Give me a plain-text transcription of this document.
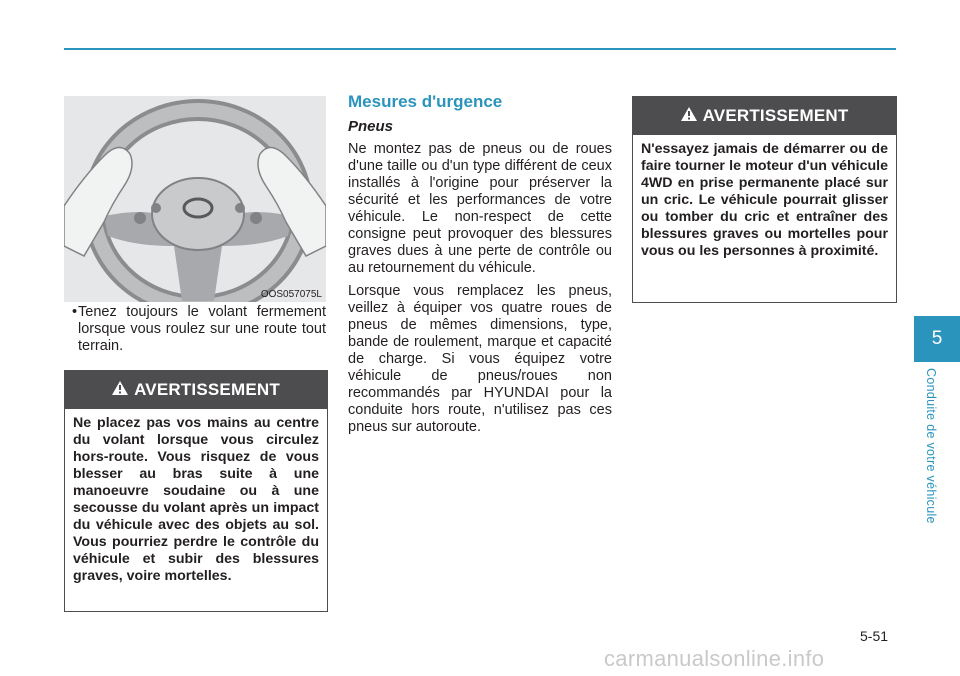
OOS057075L
• Tenez toujours le volant fermement lorsque vous roulez sur une route tout terrain.
AVERTISSEMENT
Ne placez pas vos mains au centre du volant lorsque vous circulez hors-route. Vous risquez de vous blesser au bras suite à une manoeuvre soudaine ou à une secousse du volant après un impact du véhicule avec des objets au sol. Vous pourriez perdre le contrôle du véhicule et subir des blessures graves, voire mortelles.
Mesures d'urgence
Pneus

Ne montez pas de pneus ou de roues d'une taille ou d'un type différent de ceux installés à l'origine pour préserver la sécurité et les performances de votre véhicule. Le non-respect de cette consigne peut provoquer des blessures graves dues à une perte de contrôle ou au retournement du véhicule.

Lorsque vous remplacez les pneus, veillez à équiper vos quatre roues de pneus de mêmes dimensions, type, bande de roulement, marque et capacité de charge. Si vous équipez votre véhicule de pneus/roues non recommandés par HYUNDAI pour la conduite hors route, n'utilisez pas ces pneus sur autoroute.

AVERTISSEMENT
N'essayez jamais de démarrer ou de faire tourner le moteur d'un véhicule 4WD en prise permanente placé sur un cric. Le véhicule pourrait glisser ou tomber du cric et entraîner des blessures graves ou mortelles pour vous ou les personnes à proximité.
5
Conduite de votre véhicule
5-51
carmanualsonline.info
